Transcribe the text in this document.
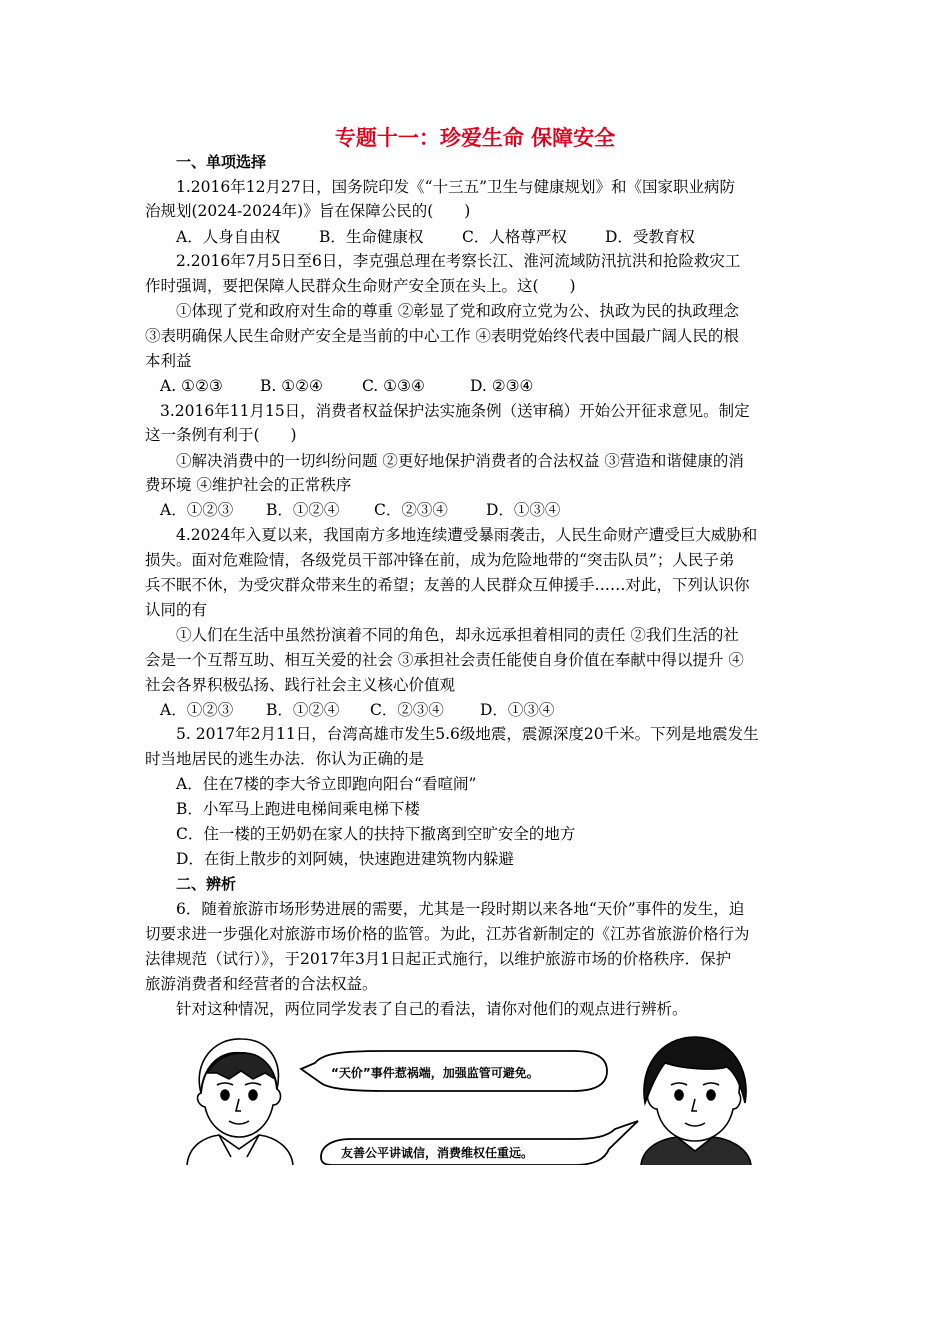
专题十一：珍爱生命 保障安全
一、单项选择
1.2016年12月27日，国务院印发《“十三五”卫生与健康规划》和《国家职业病防
治规划(2024-2024年)》旨在保障公民的(　　)
A．人身自由权	B．生命健康权 C．人格尊严权 D．受教育权
2.2016年7月5日至6日，李克强总理在考察长江、淮河流域防汛抗洪和抢险救灾工
作时强调，要把保障人民群众生命财产安全顶在头上。这(　　)
①体现了党和政府对生命的尊重 ②彰显了党和政府立党为公、执政为民的执政理念
③表明确保人民生命财产安全是当前的中心工作 ④表明党始终代表中国最广阔人民的根
本利益
A. ①②③ B. ①②④	C. ①③④	D. ②③④
3.2016年11月15日，消费者权益保护法实施条例（送审稿）开始公开征求意见。制定
这一条例有利于(　　)
①解决消费中的一切纠纷问题 ②更好地保护消费者的合法权益 ③营造和谐健康的消
费环境 ④维护社会的正常秩序
A．①②③ B．①②④ C．②③④ D．①③④
4.2024年入夏以来，我国南方多地连续遭受暴雨袭击，人民生命财产遭受巨大威胁和
损失。面对危难险情，各级党员干部冲锋在前，成为危险地带的“突击队员”；人民子弟
兵不眠不休，为受灾群众带来生的希望；友善的人民群众互伸援手……对此，下列认识你
认同的有
①人们在生活中虽然扮演着不同的角色，却永远承担着相同的责任 ②我们生活的社
会是一个互帮互助、相互关爱的社会 ③承担社会责任能使自身价值在奉献中得以提升 ④
社会各界积极弘扬、践行社会主义核心价值观
A．①②③ B．①②④ C．②③④ D．①③④
5. 2017年2月11日，台湾高雄市发生5.6级地震，震源深度20千米。下列是地震发生
时当地居民的逃生办法．你认为正确的是
A．住在7楼的李大爷立即跑向阳台“看喧闹”
B．小军马上跑进电梯间乘电梯下楼
C．住一楼的王奶奶在家人的扶持下撤离到空旷安全的地方
D．在街上散步的刘阿姨，快速跑进建筑物内躲避
二、辨析
6．随着旅游市场形势进展的需要，尤其是一段时期以来各地“天价”事件的发生，迫
切要求进一步强化对旅游市场价格的监管。为此，江苏省新制定的《江苏省旅游价格行为
法律规范（试行）》，于2017年3月1日起正式施行，以维护旅游市场的价格秩序．保护
旅游消费者和经营者的合法权益。
针对这种情况，两位同学发表了自己的看法，请你对他们的观点进行辨析。
“天价”事件惹祸端，加强监管可避免。
友善公平讲诚信，消费维权任重远。
